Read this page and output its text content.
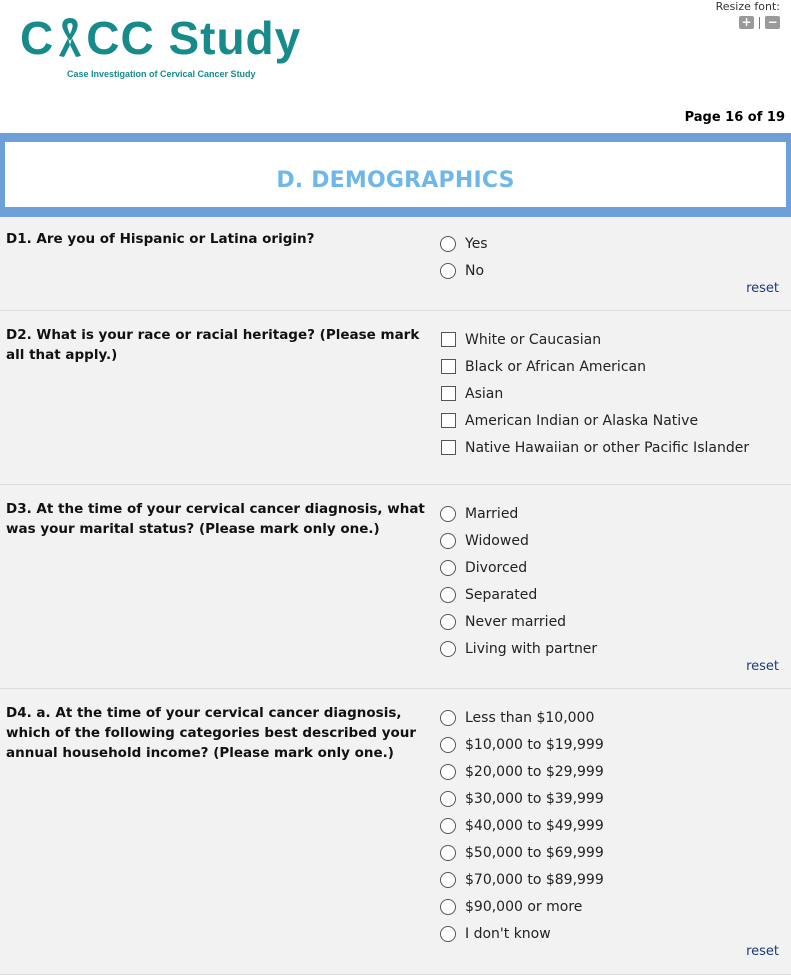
C CC Study
Case Investigation of Cervical Cancer Study
Resize font:
+ −
Page 16 of 19
D. DEMOGRAPHICS
D1. Are you of Hispanic or Latina origin?	Yes
No
reset
D2. What is your race or racial heritage? (Please mark all that apply.)
White or Caucasian
Black or African American
Asian
American Indian or Alaska Native
Native Hawaiian or other Pacific Islander
D3. At the time of your cervical cancer diagnosis, what was your marital status? (Please mark only one.)
Married
Widowed
Divorced
Separated
Never married
Living with partner
reset
D4. a. At the time of your cervical cancer diagnosis, which of the following categories best described your annual household income? (Please mark only one.)
Less than $10,000
$10,000 to $19,999
$20,000 to $29,999
$30,000 to $39,999
$40,000 to $49,999
$50,000 to $69,999
$70,000 to $89,999
$90,000 or more
I don't know
reset
